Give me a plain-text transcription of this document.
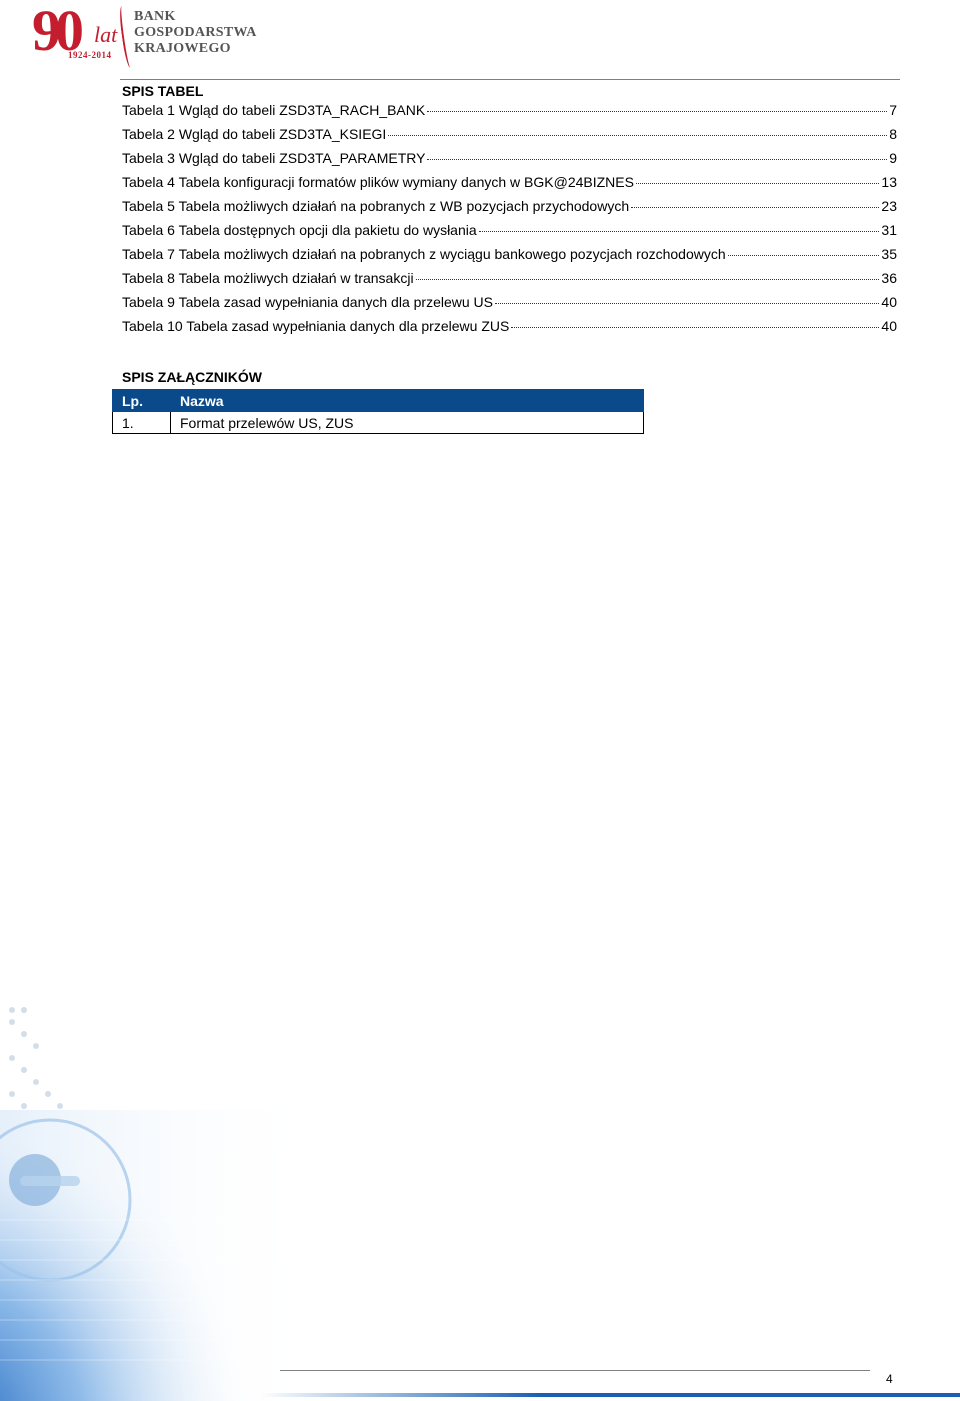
90 lat
1924-2014
BANK
GOSPODARSTWA
KRAJOWEGO
SPIS TABEL
Tabela 1 Wgląd do tabeli ZSD3TA_RACH_BANK	7
Tabela 2 Wgląd do tabeli ZSD3TA_KSIEGI	8
Tabela 3 Wgląd do tabeli ZSD3TA_PARAMETRY	9
Tabela 4 Tabela konfiguracji formatów plików wymiany danych w BGK@24BIZNES	13
Tabela 5 Tabela możliwych działań na pobranych z WB pozycjach przychodowych	23
Tabela 6 Tabela dostępnych opcji dla pakietu do wysłania	31
Tabela 7 Tabela możliwych działań na pobranych z wyciągu bankowego pozycjach rozchodowych	35
Tabela 8 Tabela możliwych działań w transakcji	36
Tabela 9 Tabela zasad wypełniania danych dla przelewu US	40
Tabela 10 Tabela zasad wypełniania danych dla przelewu ZUS	40
SPIS ZAŁĄCZNIKÓW
Lp.	Nazwa
1.	Format przelewów US, ZUS
4
